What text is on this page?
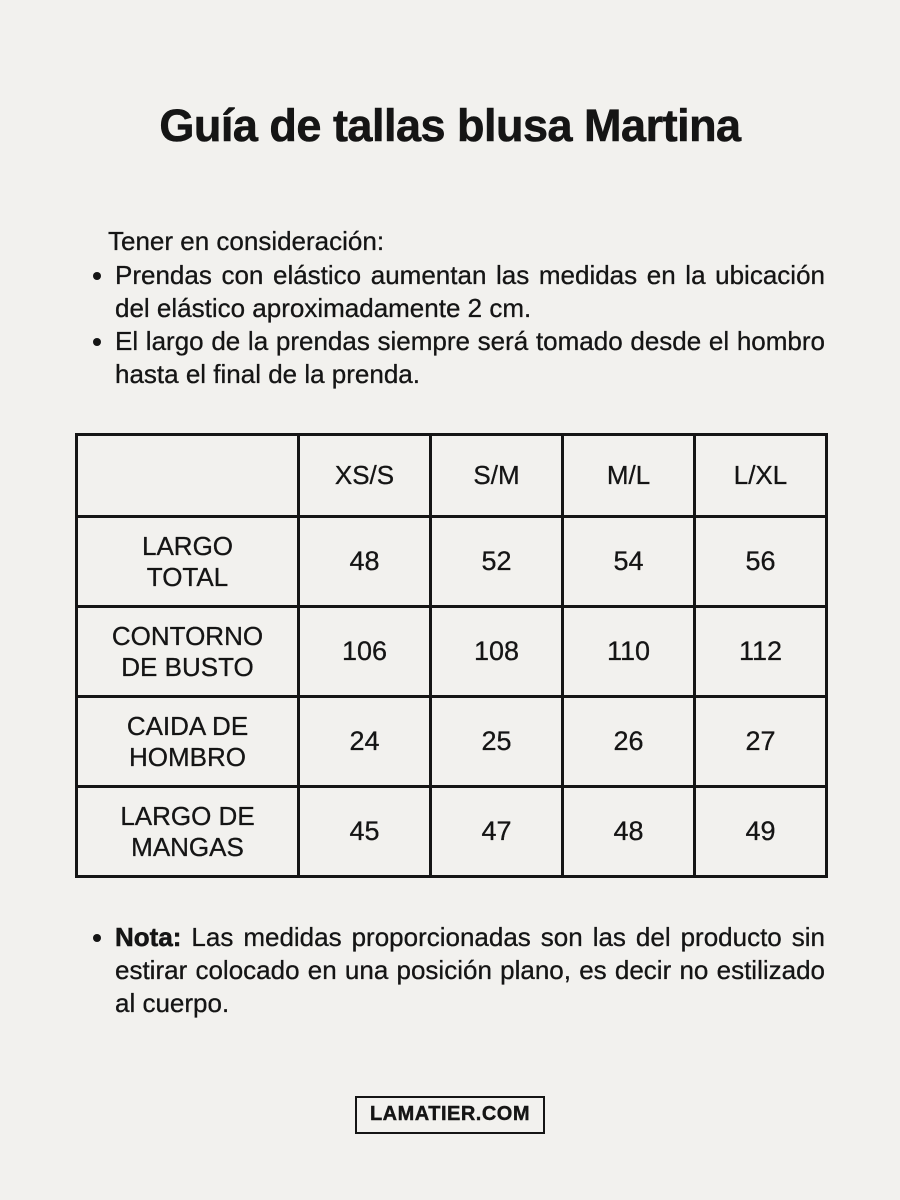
Guía de tallas blusa Martina

Tener en consideración:

Prendas con elástico aumentan las medidas en la ubicación del elástico aproximadamente 2 cm.
El largo de la prendas siempre será tomado desde el hombro hasta el final de la prenda.
	XS/S	S/M	M/L	L/XL
LARGO TOTAL	48	52	54	56
CONTORNO DE BUSTO	106	108	110	112
CAIDA DE HOMBRO	24	25	26	27
LARGO DE MANGAS	45	47	48	49
Nota: Las medidas proporcionadas son las del producto sin estirar colocado en una posición plano, es decir no estilizado al cuerpo.
LAMATIER.COM
